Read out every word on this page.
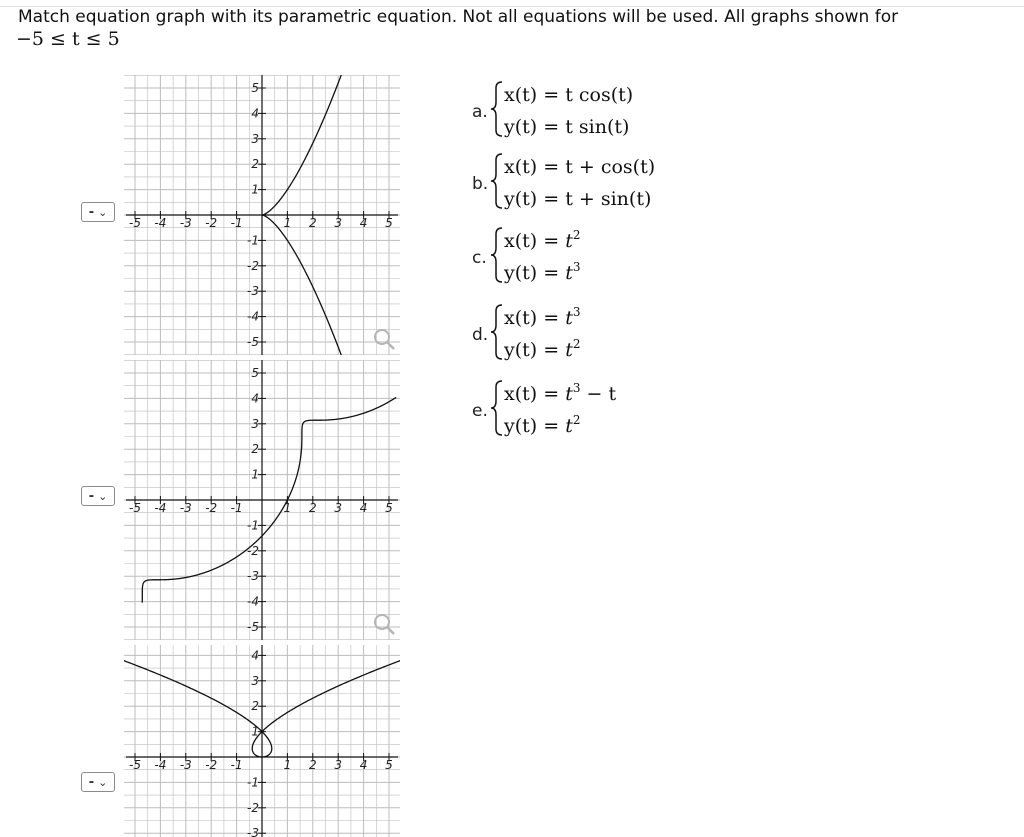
Match equation graph with its parametric equation. Not all equations will be used. All graphs shown for
−5 ≤ t ≤ 5
- ⌄
- ⌄
- ⌄
-5 -4 -3 -2 -1	1 2 3 4 5
5
4
3
2
1
-1
-2
-3
-4
-5
-5 -4 -3 -2 -1	1 2 3 4 5
5
4
3
2
1
-1
-2
-3
-4
-5
-5 -4 -3 -2 -1	1 2 3 4 5
4
3
2
1
-1
-2
-3
a.
x(t) = t cos(t)
y(t) = t sin(t)
b.
x(t) = t + cos(t)
y(t) = t + sin(t)
c.
$x(t) = t^2$
$y(t) = t^3$
d.
$x(t) = t^3$
$y(t) = t^2$
e.
$x(t) = t^3 - t$
$y(t) = t^2$
